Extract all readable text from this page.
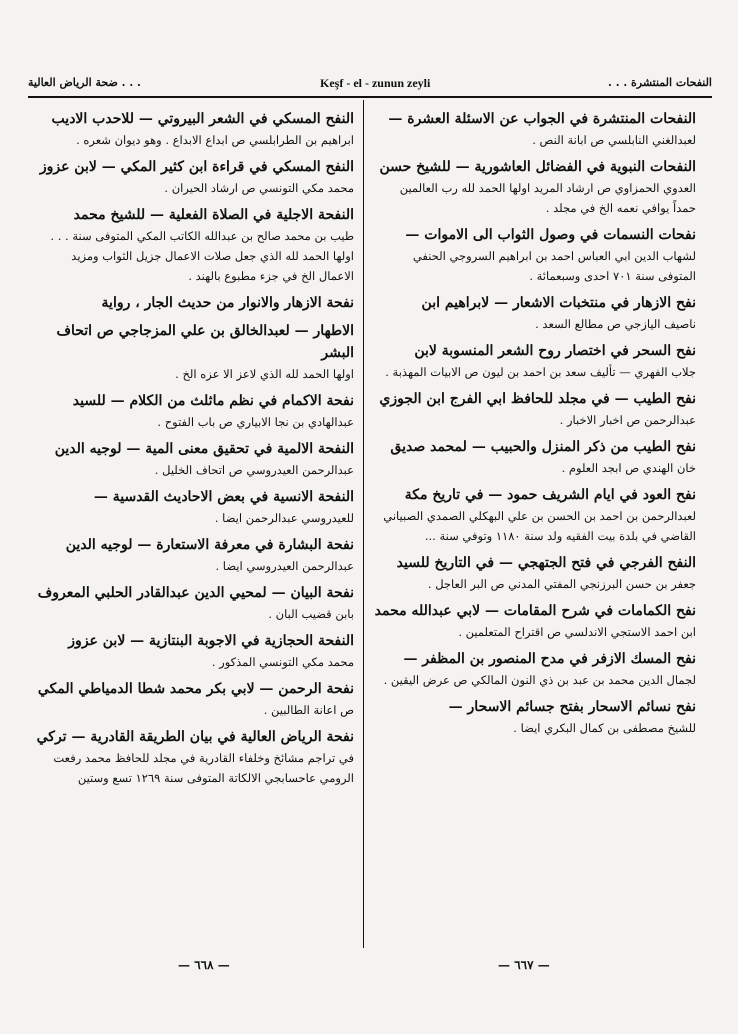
ضحة الرياض العالية . . .	Keşf - el - zunun zeyli	النفحات المنتشرة . . .
النفحات المنتشرة في الجواب عن الاسئلة العشرة —
لعبدالغني النابلسي ص ابانة النص .
النفحات النبوية في الفضائل العاشورية — للشيخ حسن
العدوي الحمزاوي ص ارشاد المريد اولها الحمد لله رب العالمين حمداً يوافي نعمه الخ في مجلد .
نفحات النسمات في وصول الثواب الى الاموات —
لشهاب الدين ابي العباس احمد بن ابراهيم السروجي الحنفي المتوفى سنة ٧٠١ احدى وسبعمائة .
نفح الازهار في منتخبات الاشعار — لابراهيم ابن
ناصيف اليازجي ص مطالع السعد .
نفح السحر في اختصار روح الشعر المنسوبة لابن
جلاب الفهري — تأليف سعد بن احمد بن ليون ص الابيات المهذبة .
نفح الطيب — في مجلد للحافظ ابي الفرج ابن الجوزي
عبدالرحمن ص اخبار الاخبار .
نفح الطيب من ذكر المنزل والحبيب — لمحمد صديق
خان الهندي ص ابجد العلوم .
نفح العود في ايام الشريف حمود — في تاريخ مكة
لعبدالرحمن بن احمد بن الحسن بن علي البهكلي الصمدي الصبياني القاضي في بلدة بيت الفقيه ولد سنة ١١٨٠ وتوفي سنة ...
النفح الفرجي في فتح الجتهجي — في التاريخ للسيد
جعفر بن حسن البرزنجي المفتي المدني ص البر العاجل .
نفح الكمامات في شرح المقامات — لابي عبدالله محمد
ابن احمد الاستجي الاندلسي ص اقتراح المتعلمين .
نفح المسك الازفر في مدح المنصور بن المظفر —
لجمال الدين محمد بن عبد بن ذي النون المالكي ص عرض اليقين .
نفح نسائم الاسحار بفتح جسائم الاسحار —
للشيخ مصطفى بن كمال البكري ايضا .
النفح المسكي في الشعر البيروتي — للاحدب الاديب
ابراهيم بن الطرابلسي ص ابداع الابداع . وهو ديوان شعره .
النفح المسكي في قراءة ابن كثير المكي — لابن عزوز
محمد مكي التونسي ص ارشاد الحيران .
النفحة الاجلية في الصلاة الفعلية — للشيخ محمد
طيب بن محمد صالح بن عبدالله الكاتب المكي المتوفى سنة . . . اولها الحمد لله الذي جعل صلات الاعمال جزيل الثواب ومزيد الاعمال الخ في جزء مطبوع بالهند .
نفحة الازهار والانوار من حديث الجار ، رواية
الاطهار — لعبدالخالق بن علي المزجاجي ص اتحاف البشر
اولها الحمد لله الذي لاعز الا عزه الخ .
نفحة الاكمام في نظم ماثلث من الكلام — للسيد
عبدالهادي بن نجا الابياري ص باب الفتوح .
النفحة الالمية في تحقيق معنى المية — لوجيه الدين
عبدالرحمن العيدروسي ص اتحاف الخليل .
النفحة الانسية في بعض الاحاديث القدسية —
للعيدروسي عبدالرحمن ايضا .
نفحة البشارة في معرفة الاستعارة — لوجيه الدين
عبدالرحمن العيدروسي ايضا .
نفحة البيان — لمحيي الدين عبدالقادر الحلبي المعروف
بابن قضيب البان .
النفحة الحجازية في الاجوبة البنتازية — لابن عزوز
محمد مكي التونسي المذكور .
نفحة الرحمن — لابي بكر محمد شطا الدمياطي المكي
ص اعانة الطالبين .
نفحة الرياض العالية في بيان الطريقة القادرية — تركي
في تراجم مشائخ وخلفاء القادرية في مجلد للحافظ محمد رفعت الرومي عاحسابجي الالكاتة المتوفى سنة ١٢٦٩ تسع وستين
— ٦٦٨ —	— ٦٦٧ —
